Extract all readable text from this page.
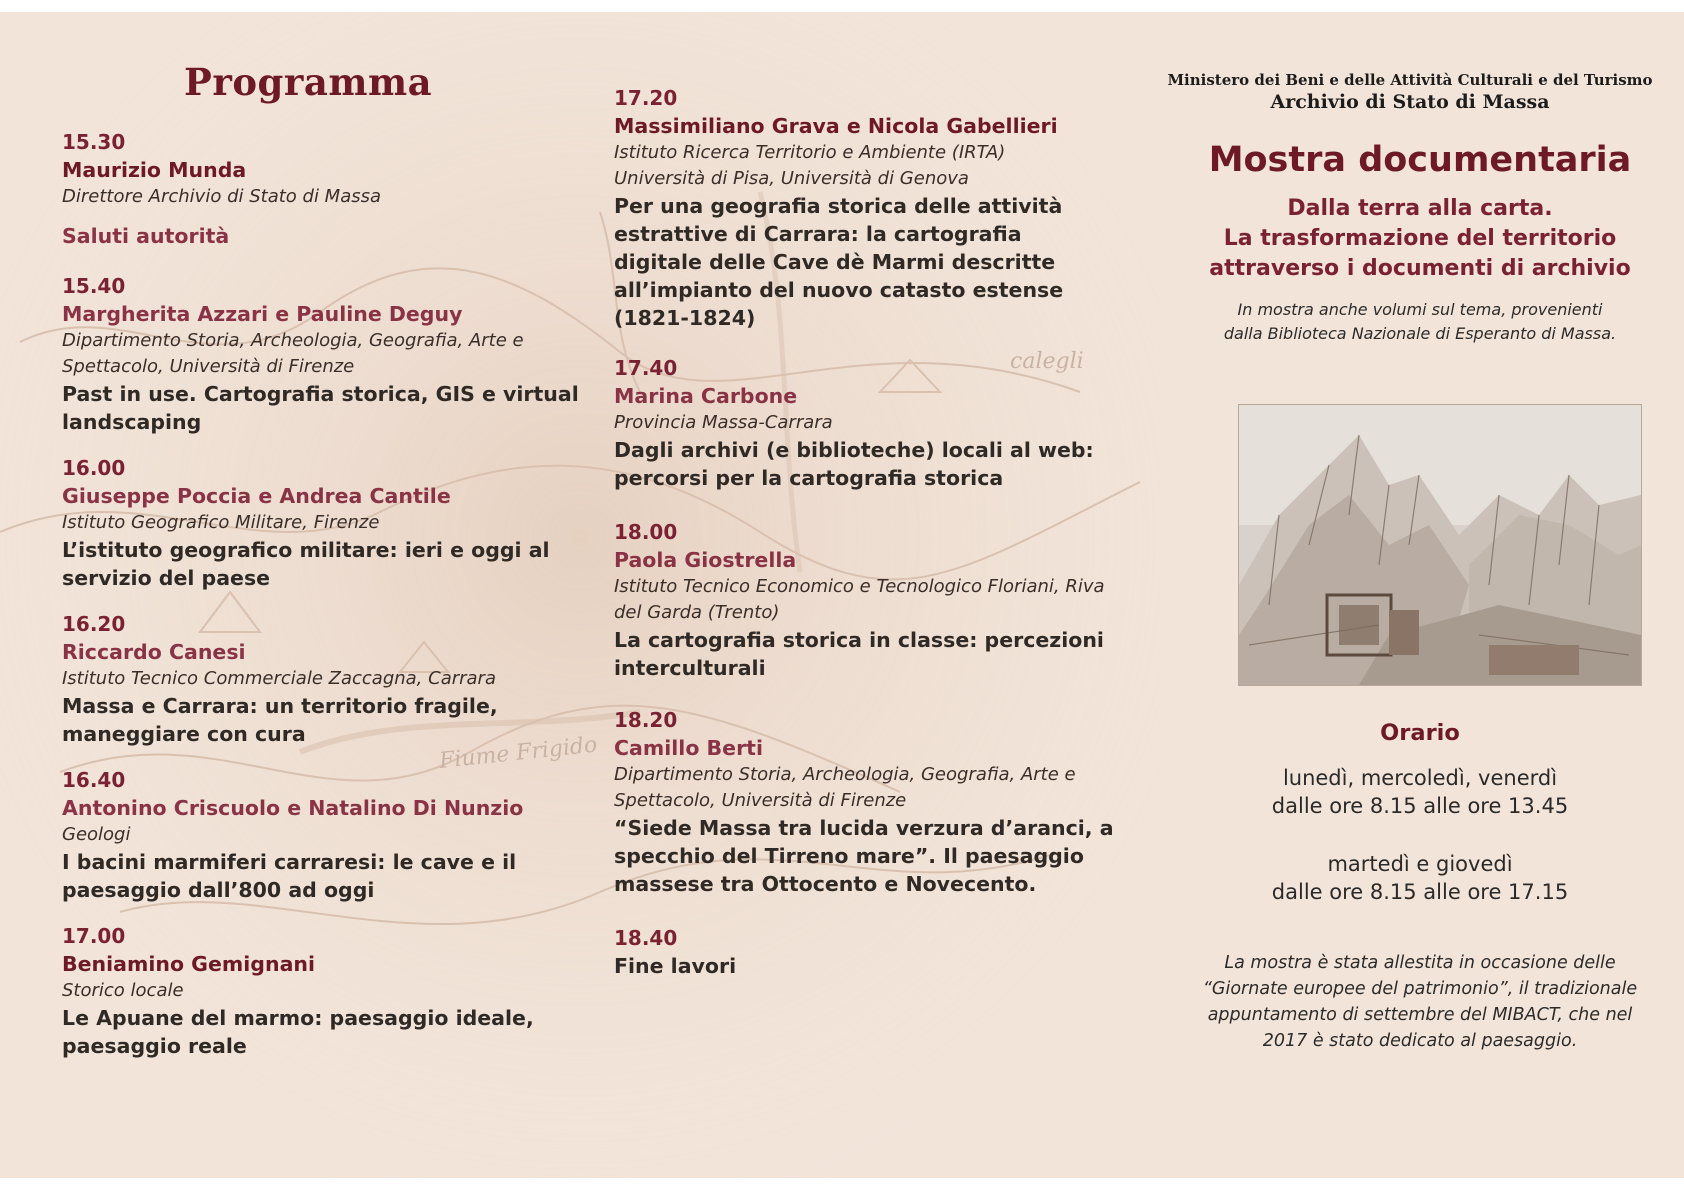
calegli
Fiume Frigido
Programma
15.30
Maurizio Munda
Direttore Archivio di Stato di Massa
Saluti autorità
15.40
Margherita Azzari e Pauline Deguy
Dipartimento Storia, Archeologia, Geografia, Arte e Spettacolo, Università di Firenze
Past in use. Cartografia storica, GIS e virtual landscaping
16.00
Giuseppe Poccia e Andrea Cantile
Istituto Geografico Militare, Firenze
L’istituto geografico militare: ieri e oggi al servizio del paese
16.20
Riccardo Canesi
Istituto Tecnico Commerciale Zaccagna, Carrara
Massa e Carrara: un territorio fragile, maneggiare con cura
16.40
Antonino Criscuolo e Natalino Di Nunzio
Geologi
I bacini marmiferi carraresi: le cave e il paesaggio dall’800 ad oggi
17.00
Beniamino Gemignani
Storico locale
Le Apuane del marmo: paesaggio ideale, paesaggio reale
17.20
Massimiliano Grava e Nicola Gabellieri
Istituto Ricerca Territorio e Ambiente (IRTA)
Università di Pisa, Università di Genova
Per una geografia storica delle attività estrattive di Carrara: la cartografia digitale delle Cave dè Marmi descritte all’impianto del nuovo catasto estense (1821-1824)
17.40
Marina Carbone
Provincia Massa-Carrara
Dagli archivi (e biblioteche) locali al web: percorsi per la cartografia storica
18.00
Paola Giostrella
Istituto Tecnico Economico e Tecnologico Floriani, Riva del Garda (Trento)
La cartografia storica in classe: percezioni interculturali
18.20
Camillo Berti
Dipartimento Storia, Archeologia, Geografia, Arte e Spettacolo, Università di Firenze
“Siede Massa tra lucida verzura d’aranci, a specchio del Tirreno mare”. Il paesaggio massese tra Ottocento e Novecento.
18.40
Fine lavori
Ministero dei Beni e delle Attività Culturali e del Turismo
Archivio di Stato di Massa
Mostra documentaria
Dalla terra alla carta.
La trasformazione del territorio
attraverso i documenti di archivio
In mostra anche volumi sul tema, provenienti
dalla Biblioteca Nazionale di Esperanto di Massa.
Orario
lunedì, mercoledì, venerdì
dalle ore 8.15 alle ore 13.45
martedì e giovedì
dalle ore 8.15 alle ore 17.15
La mostra è stata allestita in occasione delle
“Giornate europee del patrimonio”, il tradizionale
appuntamento di settembre del MIBACT, che nel
2017 è stato dedicato al paesaggio.
